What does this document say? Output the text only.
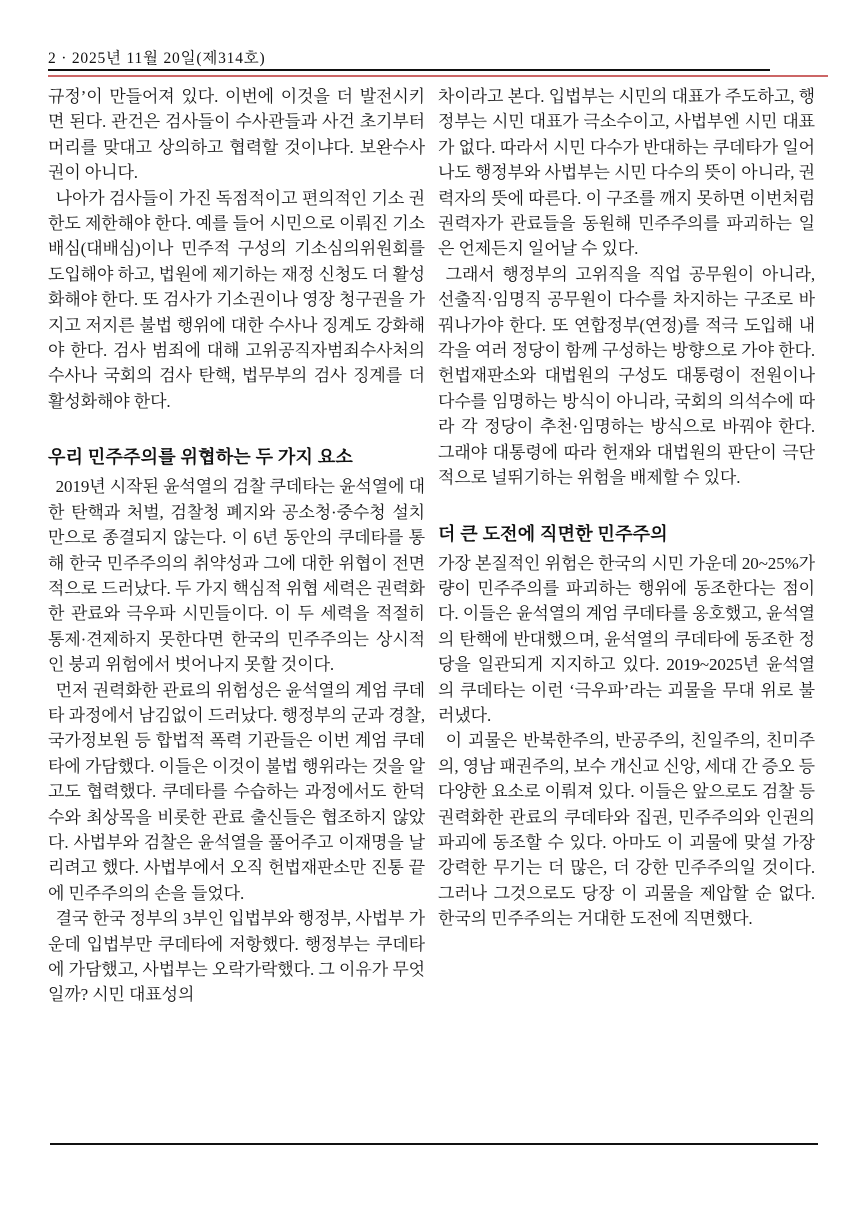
2 · 2025년 11월 20일(제314호)

규정’이 만들어져 있다. 이번에 이것을 더 발전시키면 된다. 관건은 검사들이 수사관들과 사건 초기부터 머리를 맞대고 상의하고 협력할 것이냐다. 보완수사권이 아니다.

나아가 검사들이 가진 독점적이고 편의적인 기소 권한도 제한해야 한다. 예를 들어 시민으로 이뤄진 기소배심(대배심)이나 민주적 구성의 기소심의위원회를 도입해야 하고, 법원에 제기하는 재정 신청도 더 활성화해야 한다. 또 검사가 기소권이나 영장 청구권을 가지고 저지른 불법 행위에 대한 수사나 징계도 강화해야 한다. 검사 범죄에 대해 고위공직자범죄수사처의 수사나 국회의 검사 탄핵, 법무부의 검사 징계를 더 활성화해야 한다.

우리 민주주의를 위협하는 두 가지 요소

2019년 시작된 윤석열의 검찰 쿠데타는 윤석열에 대한 탄핵과 처벌, 검찰청 폐지와 공소청·중수청 설치만으로 종결되지 않는다. 이 6년 동안의 쿠데타를 통해 한국 민주주의의 취약성과 그에 대한 위협이 전면적으로 드러났다. 두 가지 핵심적 위협 세력은 권력화한 관료와 극우파 시민들이다. 이 두 세력을 적절히 통제·견제하지 못한다면 한국의 민주주의는 상시적인 붕괴 위험에서 벗어나지 못할 것이다.

먼저 권력화한 관료의 위험성은 윤석열의 계엄 쿠데타 과정에서 남김없이 드러났다. 행정부의 군과 경찰, 국가정보원 등 합법적 폭력 기관들은 이번 계엄 쿠데타에 가담했다. 이들은 이것이 불법 행위라는 것을 알고도 협력했다. 쿠데타를 수습하는 과정에서도 한덕수와 최상목을 비롯한 관료 출신들은 협조하지 않았다. 사법부와 검찰은 윤석열을 풀어주고 이재명을 날리려고 했다. 사법부에서 오직 헌법재판소만 진통 끝에 민주주의의 손을 들었다.

결국 한국 정부의 3부인 입법부와 행정부, 사법부 가운데 입법부만 쿠데타에 저항했다. 행정부는 쿠데타에 가담했고, 사법부는 오락가락했다. 그 이유가 무엇일까? 시민 대표성의

차이라고 본다. 입법부는 시민의 대표가 주도하고, 행정부는 시민 대표가 극소수이고, 사법부엔 시민 대표가 없다. 따라서 시민 다수가 반대하는 쿠데타가 일어나도 행정부와 사법부는 시민 다수의 뜻이 아니라, 권력자의 뜻에 따른다. 이 구조를 깨지 못하면 이번처럼 권력자가 관료들을 동원해 민주주의를 파괴하는 일은 언제든지 일어날 수 있다.

그래서 행정부의 고위직을 직업 공무원이 아니라, 선출직·임명직 공무원이 다수를 차지하는 구조로 바꿔나가야 한다. 또 연합정부(연정)를 적극 도입해 내각을 여러 정당이 함께 구성하는 방향으로 가야 한다. 헌법재판소와 대법원의 구성도 대통령이 전원이나 다수를 임명하는 방식이 아니라, 국회의 의석수에 따라 각 정당이 추천·임명하는 방식으로 바꿔야 한다. 그래야 대통령에 따라 헌재와 대법원의 판단이 극단적으로 널뛰기하는 위험을 배제할 수 있다.

더 큰 도전에 직면한 민주주의

가장 본질적인 위험은 한국의 시민 가운데 20~25%가량이 민주주의를 파괴하는 행위에 동조한다는 점이다. 이들은 윤석열의 계엄 쿠데타를 옹호했고, 윤석열의 탄핵에 반대했으며, 윤석열의 쿠데타에 동조한 정당을 일관되게 지지하고 있다. 2019~2025년 윤석열의 쿠데타는 이런 ‘극우파’라는 괴물을 무대 위로 불러냈다.

이 괴물은 반북한주의, 반공주의, 친일주의, 친미주의, 영남 패권주의, 보수 개신교 신앙, 세대 간 증오 등 다양한 요소로 이뤄져 있다. 이들은 앞으로도 검찰 등 권력화한 관료의 쿠데타와 집권, 민주주의와 인권의 파괴에 동조할 수 있다. 아마도 이 괴물에 맞설 가장 강력한 무기는 더 많은, 더 강한 민주주의일 것이다. 그러나 그것으로도 당장 이 괴물을 제압할 순 없다. 한국의 민주주의는 거대한 도전에 직면했다.
